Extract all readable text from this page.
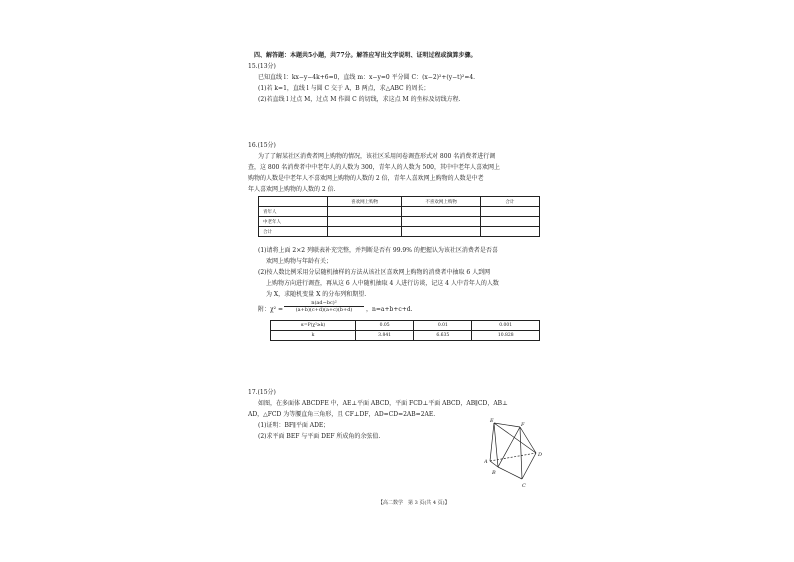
四、解答题：本题共5小题，共77分。解答应写出文字说明、证明过程或演算步骤。
15.(13分)
已知直线 l：kx−y−4k+6=0，直线 m：x−y=0 平分圆 C：(x−2)²+(y−t)²=4.
(1)若 k=1，直线 l 与圆 C 交于 A，B 两点，求△ABC 的周长；
(2)若直线 l 过点 M，过点 M 作圆 C 的切线，求这点 M 的坐标及切线方程.
16.(15分)
为了了解某社区消费者网上购物的情况，该社区采用问卷调查形式对 800 名消费者进行调
查，这 800 名消费者中中老年人的人数为 300，青年人的人数为 500，其中中老年人喜欢网上
购物的人数是中老年人不喜欢网上购物的人数的 2 倍，青年人喜欢网上购物的人数是中老
年人喜欢网上购物的人数的 2 倍.
	喜欢网上购物	不喜欢网上购物	合计
青年人			
中老年人			
合计			
(1)请将上面 2×2 列联表补充完整，并判断是否有 99.9% 的把握认为该社区消费者是否喜
欢网上购物与年龄有关；
(2)按人数比例采用分层随机抽样的方法从该社区喜欢网上购物的消费者中抽取 6 人到网
上购物方向进行调查，再从这 6 人中随机抽取 4 人进行访谈，记这 4 人中青年人的人数
为 X，求随机变量 X 的分布列和期望.
附：$\chi^2 = \frac{\text{n(ad−bc)²}}{(a+b)(c+d)(a+c)(b+d)}$ ，n=a+b+c+d.
α=P(χ²≥k)	0.05	0.01	0.001
k	3.841	6.635	10.828
17.(15分)
如图，在多面体 ABCDFE 中，AE⊥平面 ABCD，平面 FCD⊥平面 ABCD，AB∥CD，AB⊥
AD，△FCD 为等腰直角三角形，且 CF⊥DF，AD=CD=2AB=2AE.
(1)证明：BF∥平面 ADE；
(2)求平面 BEF 与平面 DEF 所成角的余弦值.
E
F
A
B
C
D
【高二数学　第 3 页(共 4 页)】
